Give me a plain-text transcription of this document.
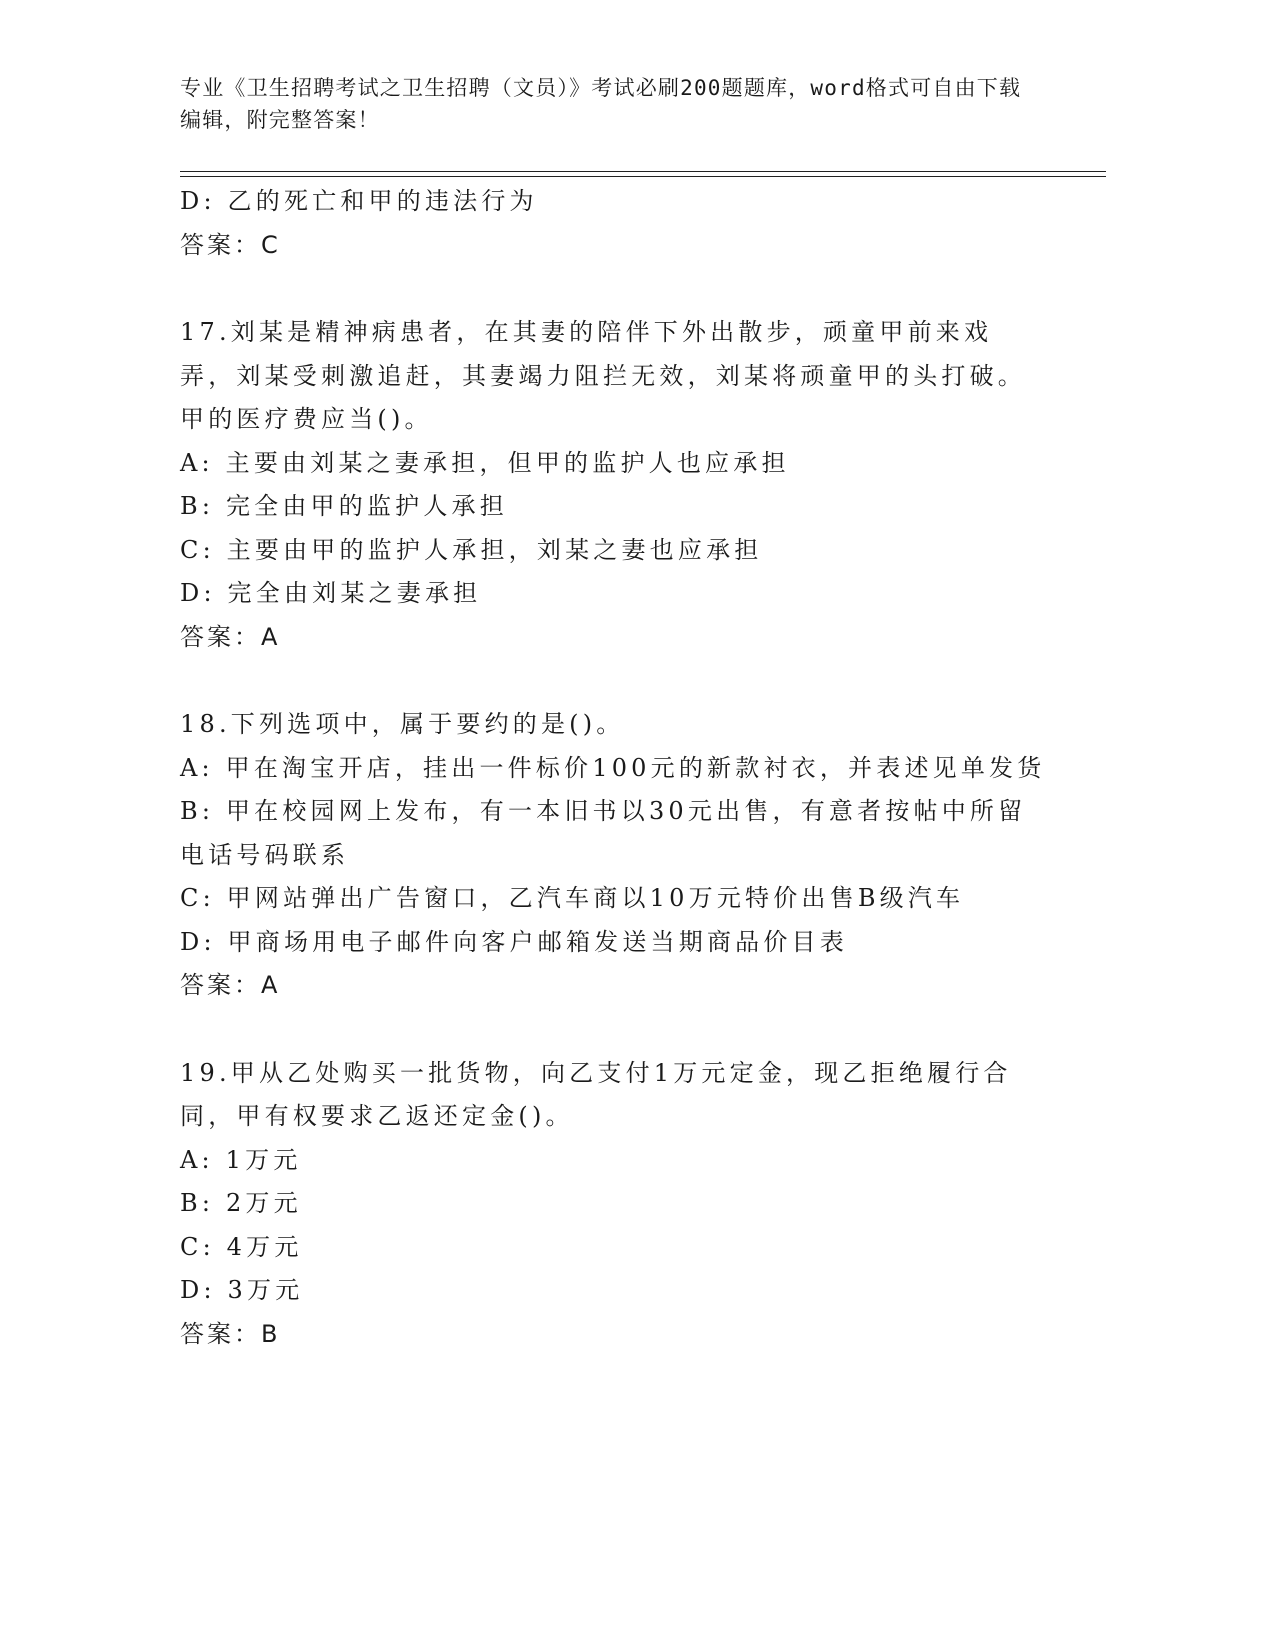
专业《卫生招聘考试之卫生招聘（文员）》考试必刷200题题库，word格式可自由下载编辑，附完整答案！
D: 乙的死亡和甲的违法行为
答案：C
17.刘某是精神病患者，在其妻的陪伴下外出散步，顽童甲前来戏弄，刘某受刺激追赶，其妻竭力阻拦无效，刘某将顽童甲的头打破。甲的医疗费应当()。
A: 主要由刘某之妻承担，但甲的监护人也应承担
B: 完全由甲的监护人承担
C: 主要由甲的监护人承担，刘某之妻也应承担
D: 完全由刘某之妻承担
答案：A
18.下列选项中，属于要约的是()。
A: 甲在淘宝开店，挂出一件标价100元的新款衬衣，并表述见单发货
B: 甲在校园网上发布，有一本旧书以30元出售，有意者按帖中所留电话号码联系
C: 甲网站弹出广告窗口，乙汽车商以10万元特价出售B级汽车
D: 甲商场用电子邮件向客户邮箱发送当期商品价目表
答案：A
19.甲从乙处购买一批货物，向乙支付1万元定金，现乙拒绝履行合同，甲有权要求乙返还定金()。
A: 1万元
B: 2万元
C: 4万元
D: 3万元
答案：B
